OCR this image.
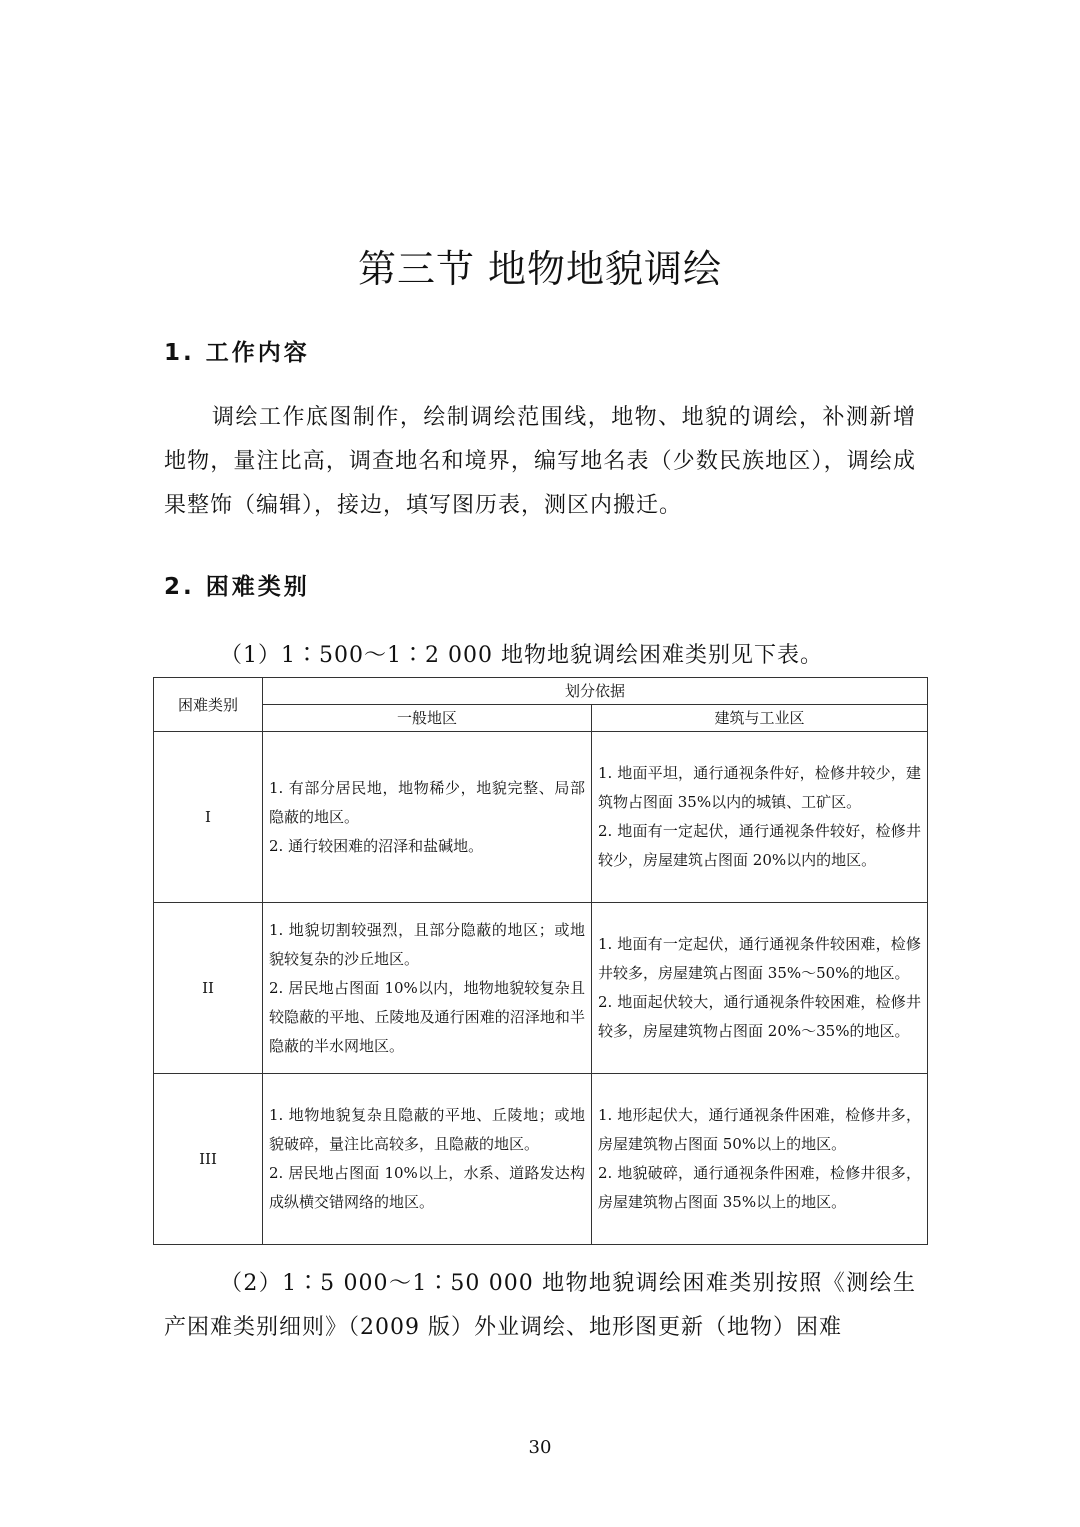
第三节 地物地貌调绘
1. 工作内容
调绘工作底图制作，绘制调绘范围线，地物、地貌的调绘，补测新增地物，量注比高，调查地名和境界，编写地名表（少数民族地区），调绘成果整饰（编辑），接边，填写图历表，测区内搬迁。
2. 困难类别
（1）1∶500～1∶2 000 地物地貌调绘困难类别见下表。
困难类别	划分依据	
	一般地区	建筑与工业区
I	1. 有部分居民地，地物稀少，地貌完整、局部隐蔽的地区。
2. 通行较困难的沼泽和盐碱地。	1. 地面平坦，通行通视条件好，检修井较少，建筑物占图面 35%以内的城镇、工矿区。
2. 地面有一定起伏，通行通视条件较好，检修井较少，房屋建筑占图面 20%以内的地区。

II	1. 地貌切割较强烈，且部分隐蔽的地区；或地貌较复杂的沙丘地区。
2. 居民地占图面 10%以内，地物地貌较复杂且较隐蔽的平地、丘陵地及通行困难的沼泽地和半隐蔽的半水网地区。	1. 地面有一定起伏，通行通视条件较困难，检修井较多，房屋建筑占图面 35%～50%的地区。
2. 地面起伏较大，通行通视条件较困难，检修井较多，房屋建筑物占图面 20%～35%的地区。

III	1. 地物地貌复杂且隐蔽的平地、丘陵地；或地貌破碎，量注比高较多，且隐蔽的地区。
2. 居民地占图面 10%以上，水系、道路发达构成纵横交错网络的地区。	1. 地形起伏大，通行通视条件困难，检修井多，房屋建筑物占图面 50%以上的地区。
2. 地貌破碎，通行通视条件困难，检修井很多，房屋建筑物占图面 35%以上的地区。
（2）1∶5 000～1∶50 000 地物地貌调绘困难类别按照《测绘生产困难类别细则》（2009 版）外业调绘、地形图更新（地物）困难
30
